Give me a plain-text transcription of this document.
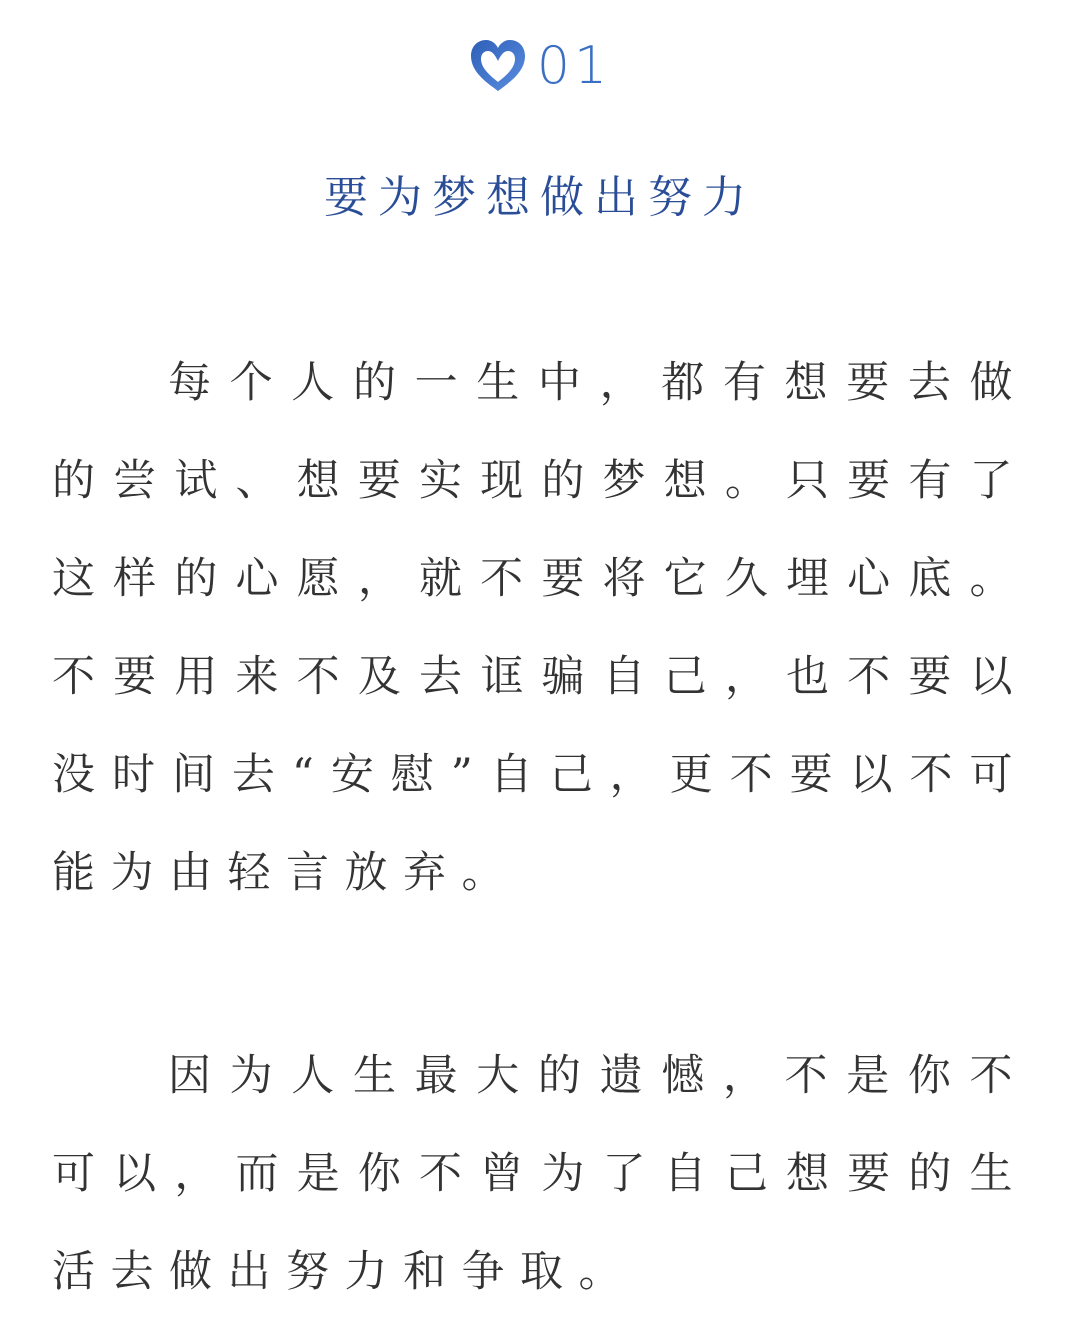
01
要为梦想做出努力

每个人的一生中，都有想要去做的尝试、想要实现的梦想。只要有了这样的心愿，就不要将它久埋心底。不要用来不及去诓骗自己，也不要以没时间去“安慰”自己，更不要以不可能为由轻言放弃。

因为人生最大的遗憾，不是你不可以，而是你不曾为了自己想要的生活去做出努力和争取。
